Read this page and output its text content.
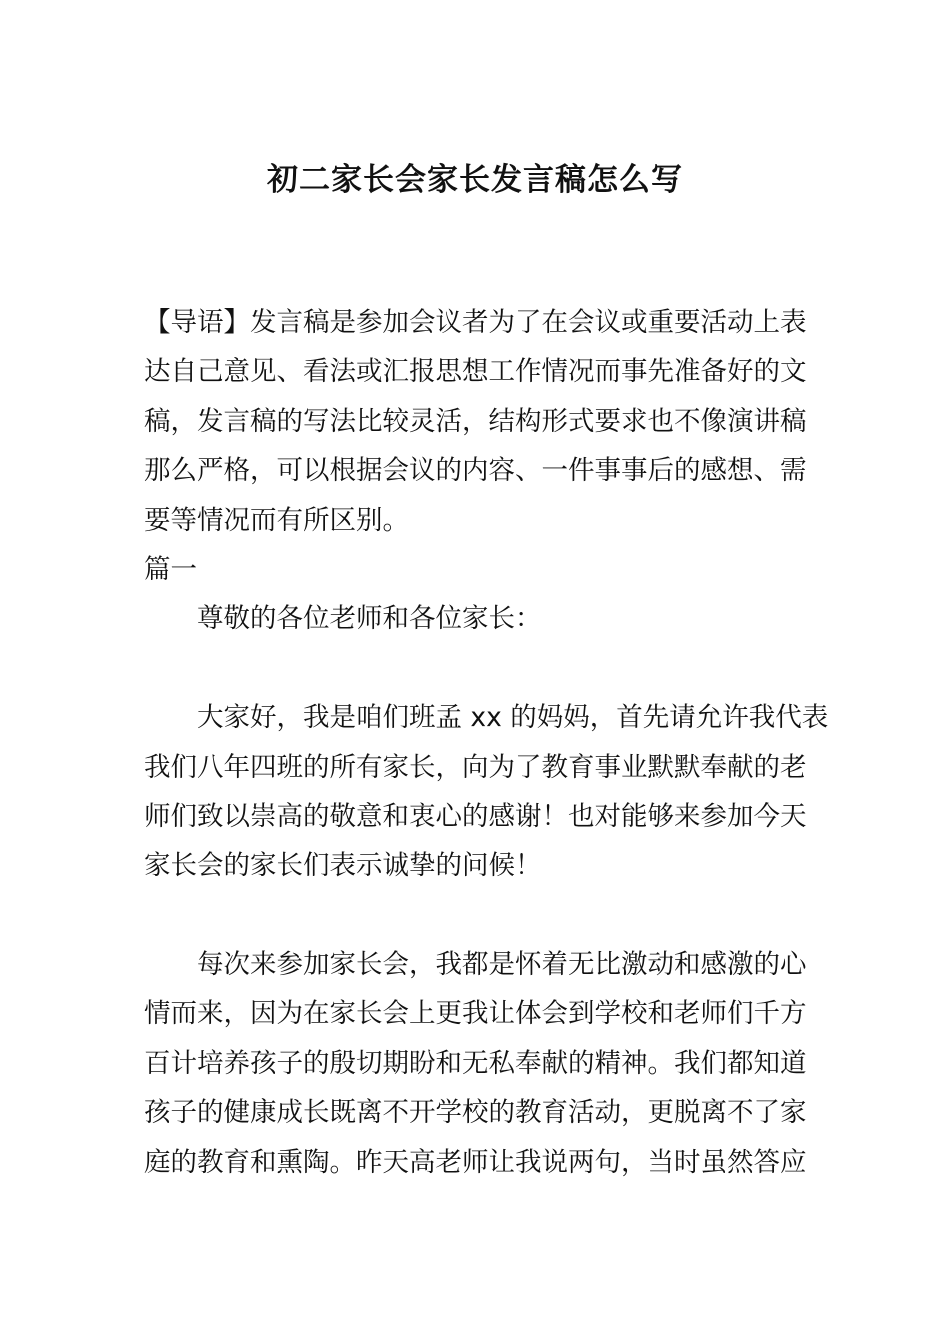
初二家长会家长发言稿怎么写
【导语】发言稿是参加会议者为了在会议或重要活动上表
达自己意见、看法或汇报思想工作情况而事先准备好的文
稿，发言稿的写法比较灵活，结构形式要求也不像演讲稿
那么严格，可以根据会议的内容、一件事事后的感想、需
要等情况而有所区别。
篇一
尊敬的各位老师和各位家长：
大家好，我是咱们班孟 xx 的妈妈，首先请允许我代表
我们八年四班的所有家长，向为了教育事业默默奉献的老
师们致以崇高的敬意和衷心的感谢！也对能够来参加今天
家长会的家长们表示诚挚的问候！
每次来参加家长会，我都是怀着无比激动和感激的心
情而来，因为在家长会上更我让体会到学校和老师们千方
百计培养孩子的殷切期盼和无私奉献的精神。我们都知道
孩子的健康成长既离不开学校的教育活动，更脱离不了家
庭的教育和熏陶。昨天高老师让我说两句，当时虽然答应
